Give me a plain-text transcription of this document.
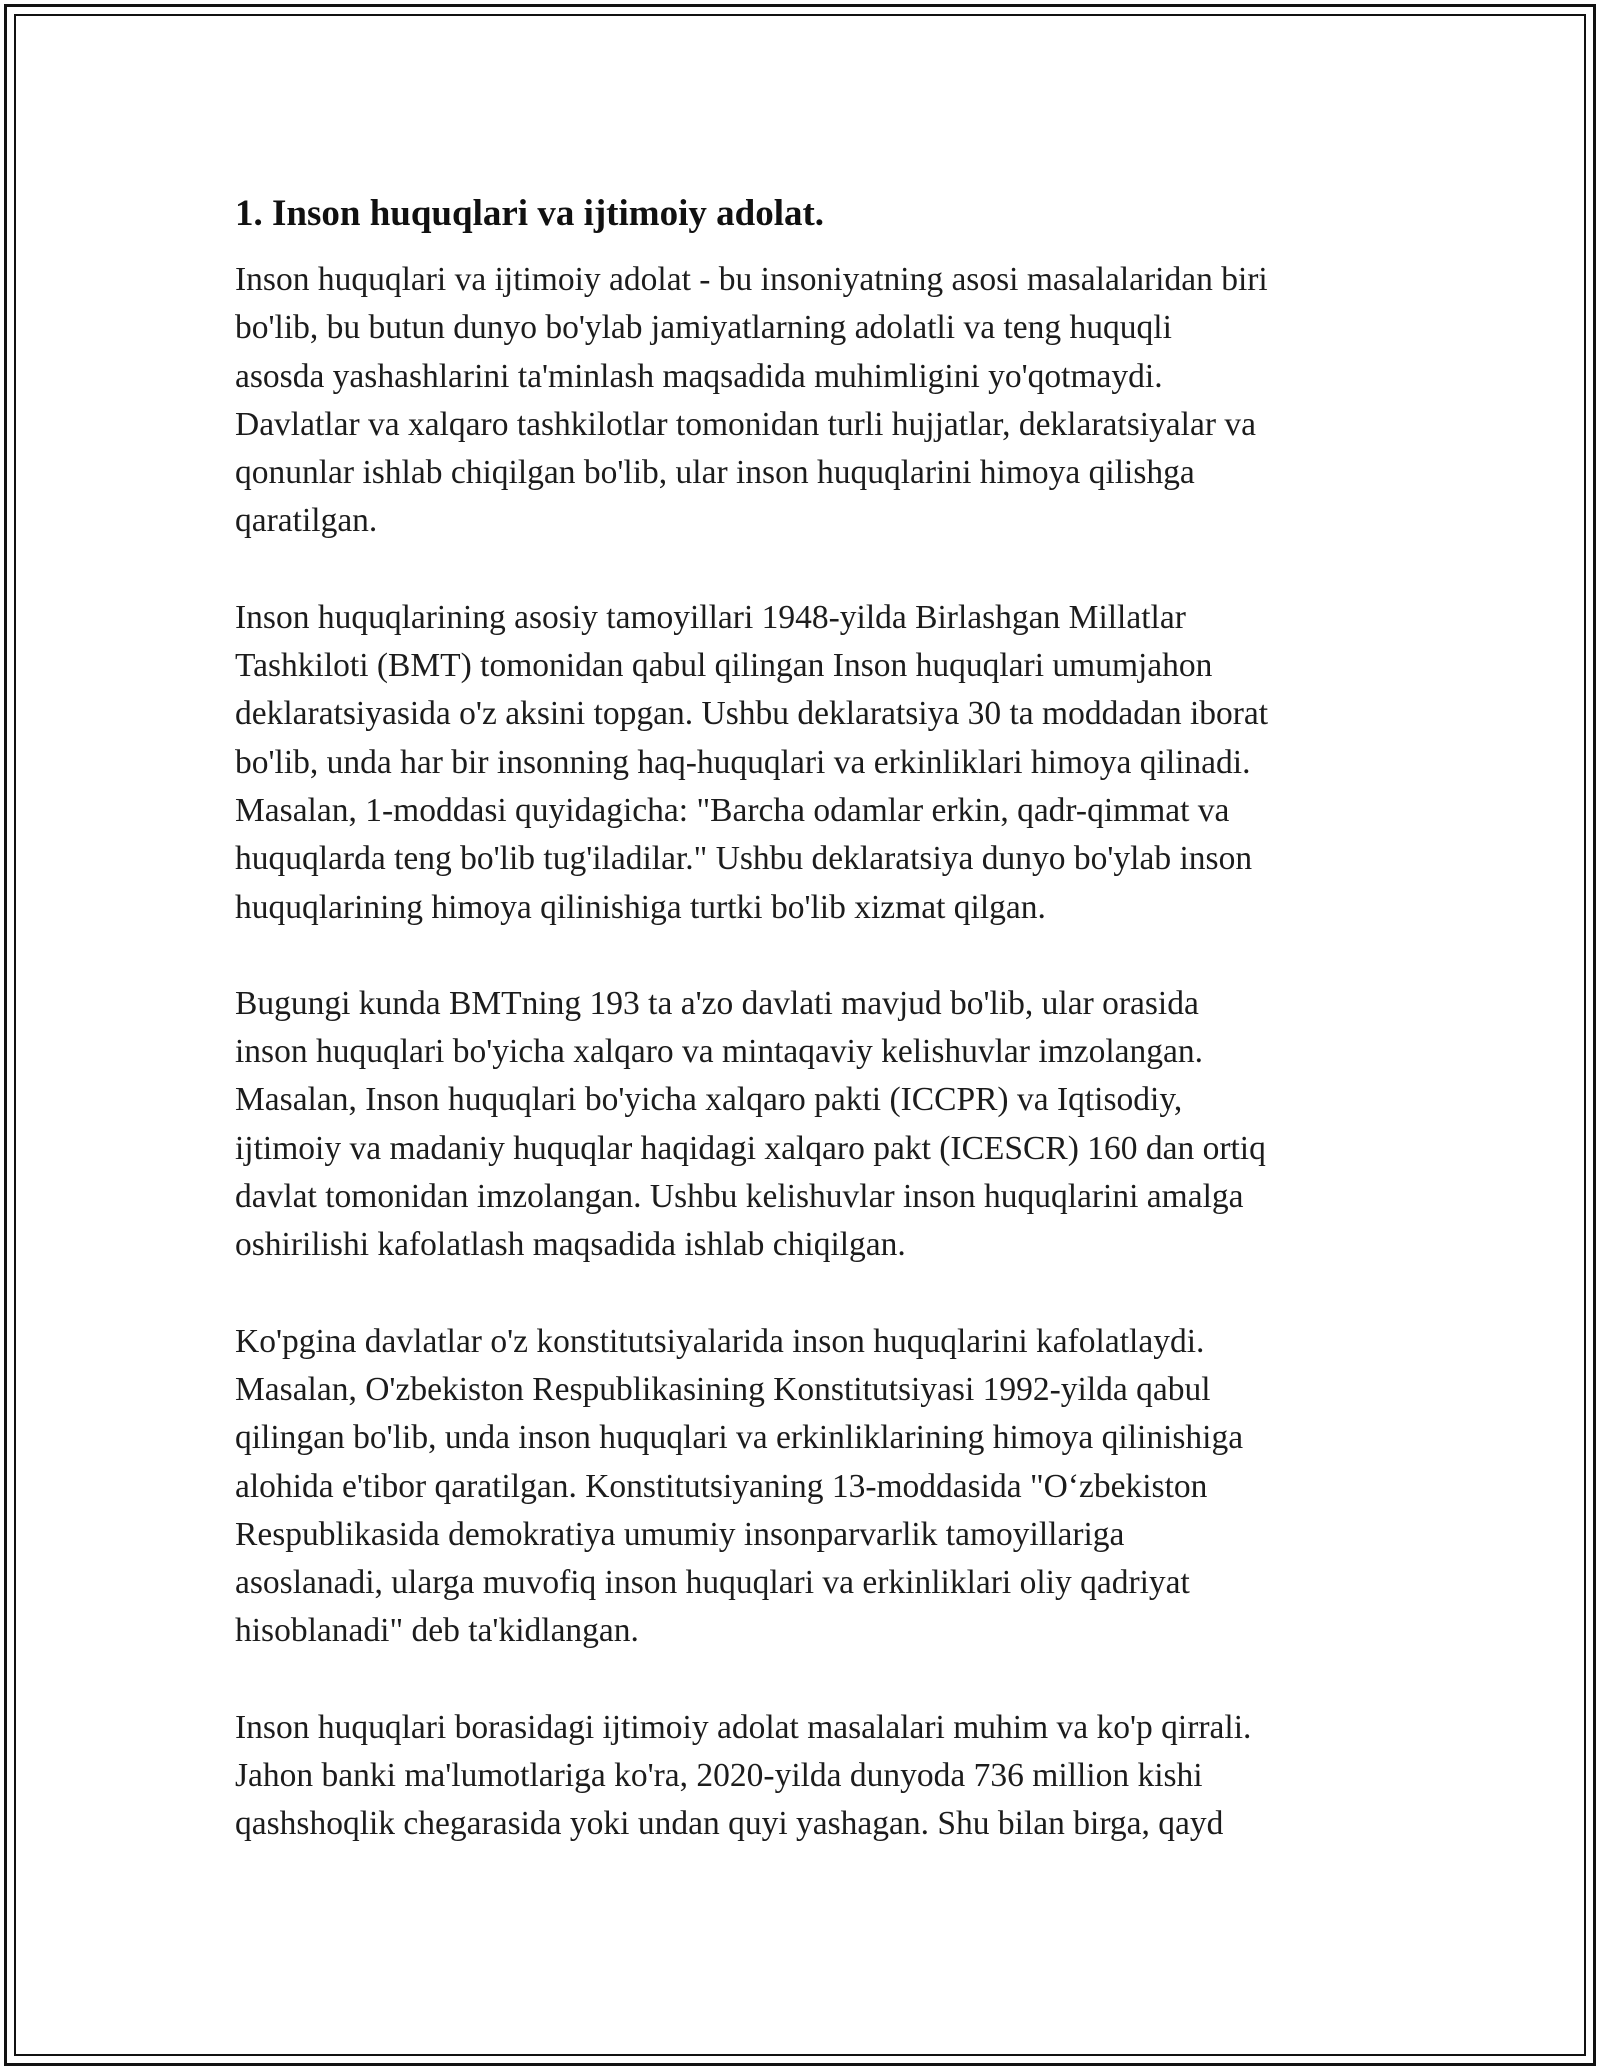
1. Inson huquqlari va ijtimoiy adolat.

Inson huquqlari va ijtimoiy adolat - bu insoniyatning asosi masalalaridan biri
bo'lib, bu butun dunyo bo'ylab jamiyatlarning adolatli va teng huquqli
asosda yashashlarini ta'minlash maqsadida muhimligini yo'qotmaydi.
Davlatlar va xalqaro tashkilotlar tomonidan turli hujjatlar, deklaratsiyalar va
qonunlar ishlab chiqilgan bo'lib, ular inson huquqlarini himoya qilishga
qaratilgan.

Inson huquqlarining asosiy tamoyillari 1948-yilda Birlashgan Millatlar
Tashkiloti (BMT) tomonidan qabul qilingan Inson huquqlari umumjahon
deklaratsiyasida o'z aksini topgan. Ushbu deklaratsiya 30 ta moddadan iborat
bo'lib, unda har bir insonning haq-huquqlari va erkinliklari himoya qilinadi.
Masalan, 1-moddasi quyidagicha: "Barcha odamlar erkin, qadr-qimmat va
huquqlarda teng bo'lib tug'iladilar." Ushbu deklaratsiya dunyo bo'ylab inson
huquqlarining himoya qilinishiga turtki bo'lib xizmat qilgan.

Bugungi kunda BMTning 193 ta a'zo davlati mavjud bo'lib, ular orasida
inson huquqlari bo'yicha xalqaro va mintaqaviy kelishuvlar imzolangan.
Masalan, Inson huquqlari bo'yicha xalqaro pakti (ICCPR) va Iqtisodiy,
ijtimoiy va madaniy huquqlar haqidagi xalqaro pakt (ICESCR) 160 dan ortiq
davlat tomonidan imzolangan. Ushbu kelishuvlar inson huquqlarini amalga
oshirilishi kafolatlash maqsadida ishlab chiqilgan.

Ko'pgina davlatlar o'z konstitutsiyalarida inson huquqlarini kafolatlaydi.
Masalan, O'zbekiston Respublikasining Konstitutsiyasi 1992-yilda qabul
qilingan bo'lib, unda inson huquqlari va erkinliklarining himoya qilinishiga
alohida e'tibor qaratilgan. Konstitutsiyaning 13-moddasida "O‘zbekiston
Respublikasida demokratiya umumiy insonparvarlik tamoyillariga
asoslanadi, ularga muvofiq inson huquqlari va erkinliklari oliy qadriyat
hisoblanadi" deb ta'kidlangan.

Inson huquqlari borasidagi ijtimoiy adolat masalalari muhim va ko'p qirrali.
Jahon banki ma'lumotlariga ko'ra, 2020-yilda dunyoda 736 million kishi
qashshoqlik chegarasida yoki undan quyi yashagan. Shu bilan birga, qayd
